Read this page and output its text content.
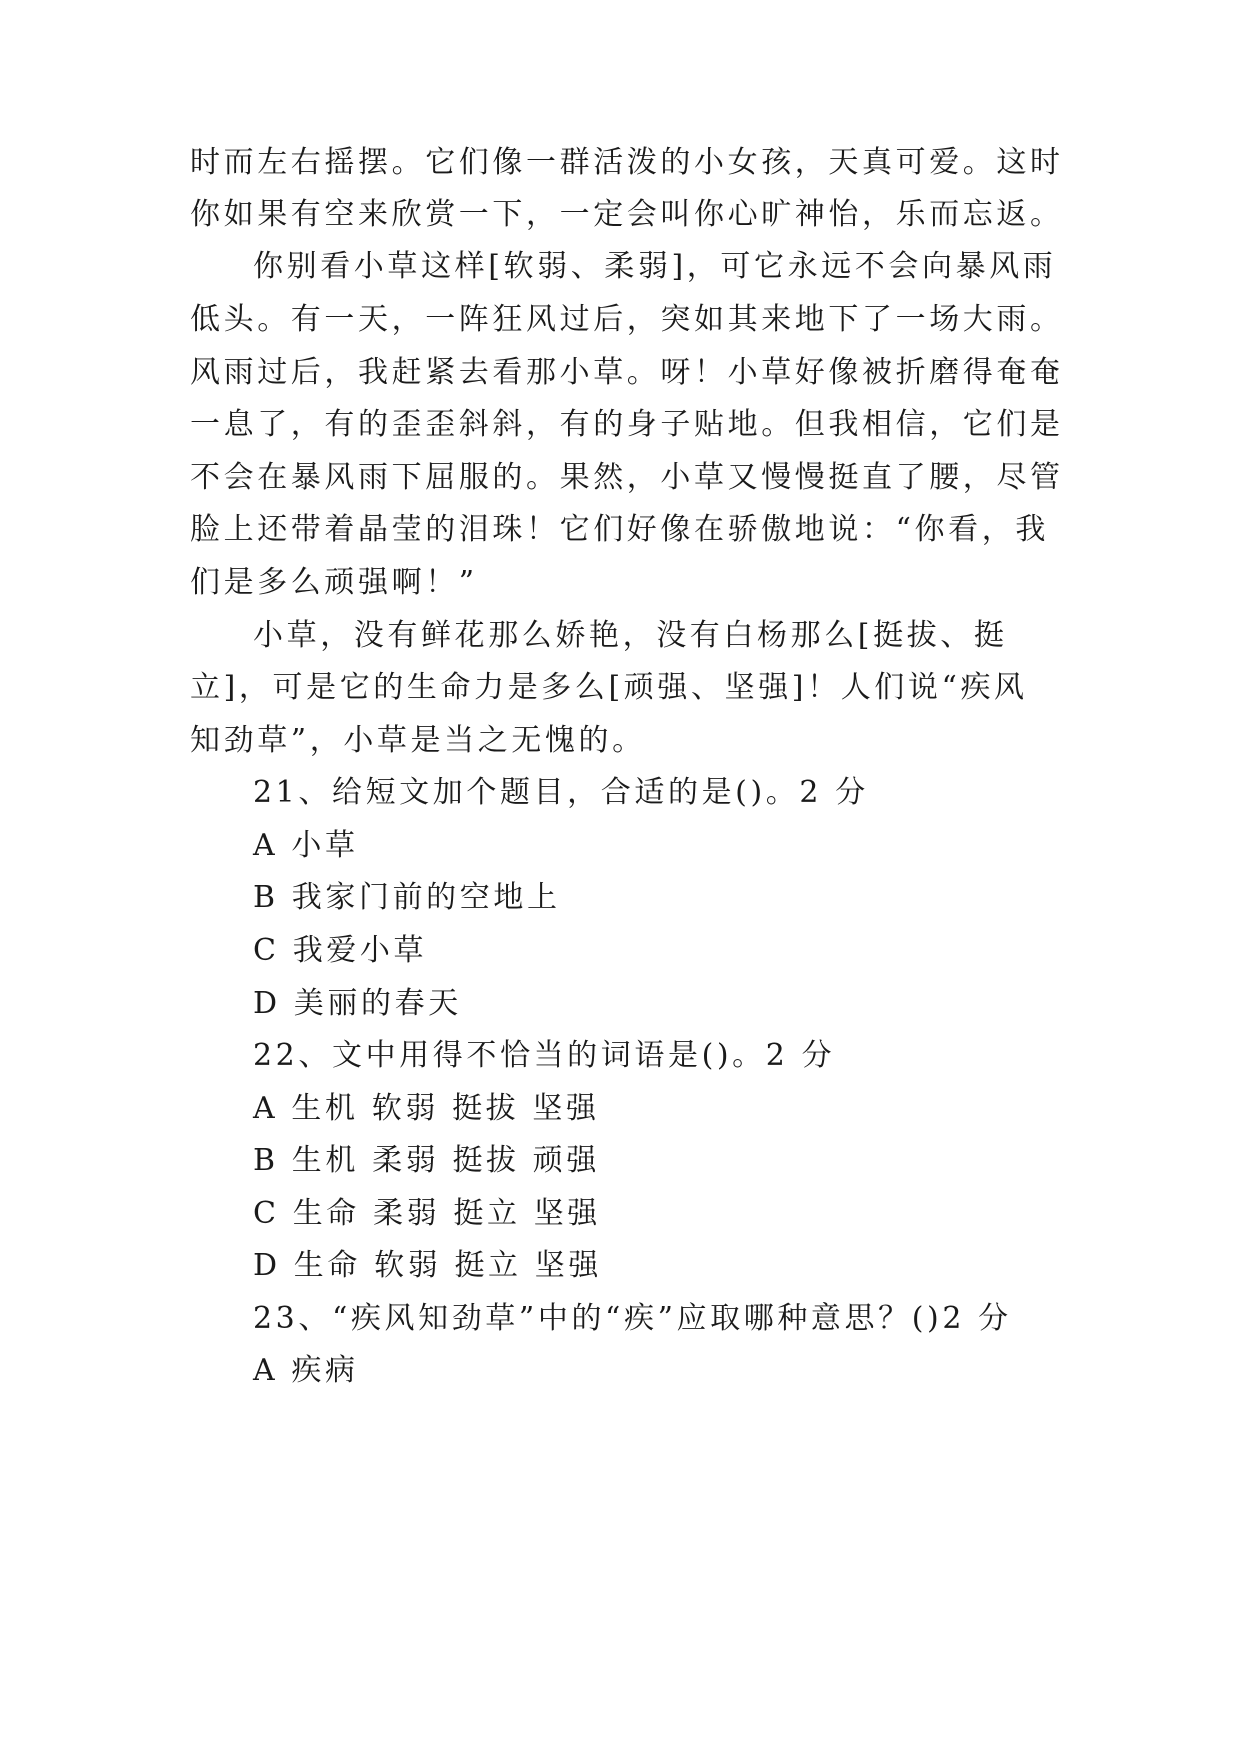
时而左右摇摆。它们像一群活泼的小女孩，天真可爱。这时
你如果有空来欣赏一下，一定会叫你心旷神怡，乐而忘返。
你别看小草这样[软弱、柔弱]，可它永远不会向暴风雨
低头。有一天，一阵狂风过后，突如其来地下了一场大雨。
风雨过后，我赶紧去看那小草。呀！小草好像被折磨得奄奄
一息了，有的歪歪斜斜，有的身子贴地。但我相信，它们是
不会在暴风雨下屈服的。果然，小草又慢慢挺直了腰，尽管
脸上还带着晶莹的泪珠！它们好像在骄傲地说：“你看，我
们是多么顽强啊！”
小草，没有鲜花那么娇艳，没有白杨那么[挺拔、挺
立]，可是它的生命力是多么[顽强、坚强]！人们说“疾风
知劲草”，小草是当之无愧的。
21、给短文加个题目，合适的是()。2 分
A 小草
B 我家门前的空地上
C 我爱小草
D 美丽的春天
22、文中用得不恰当的词语是()。2 分
A 生机 软弱 挺拔 坚强
B 生机 柔弱 挺拔 顽强
C 生命 柔弱 挺立 坚强
D 生命 软弱 挺立 坚强
23、“疾风知劲草”中的“疾”应取哪种意思？()2 分
A 疾病
